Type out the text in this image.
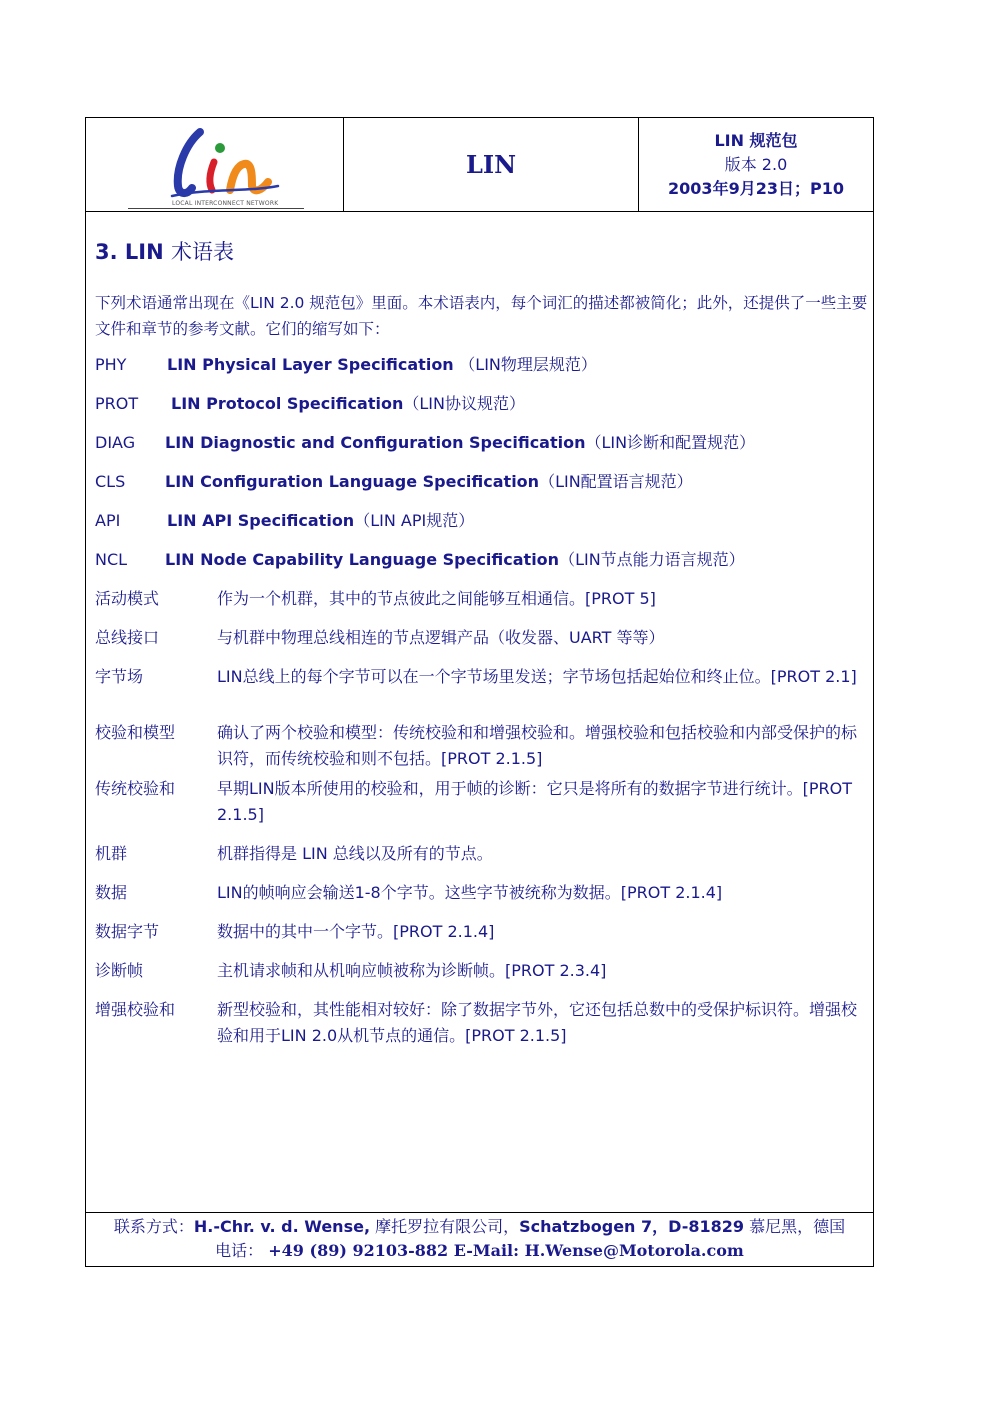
LOCAL INTERCONNECT NETWORK
LIN
LIN 规范包
版本 2.0
2003年9月23日；P10
3. LIN 术语表
下列术语通常出现在《LIN 2.0 规范包》里面。本术语表内，每个词汇的描述都被简化；此外，还提供了一些主要文件和章节的参考文献。它们的缩写如下：
PHY	LIN Physical Layer Specification （LIN物理层规范）
PROT LIN Protocol Specification（LIN协议规范）
DIAG LIN Diagnostic and Configuration Specification（LIN诊断和配置规范）
CLS LIN Configuration Language Specification（LIN配置语言规范）
API	LIN API Specification（LIN API规范）
NCL LIN Node Capability Language Specification（LIN节点能力语言规范）
活动模式	作为一个机群，其中的节点彼此之间能够互相通信。[PROT 5]
总线接口	与机群中物理总线相连的节点逻辑产品（收发器、UART 等等）
字节场	LIN总线上的每个字节可以在一个字节场里发送；字节场包括起始位和终止位。[PROT 2.1]
校验和模型	确认了两个校验和模型：传统校验和和增强校验和。增强校验和包括校验和内部受保护的标识符，而传统校验和则不包括。[PROT 2.1.5]
传统校验和	早期LIN版本所使用的校验和，用于帧的诊断：它只是将所有的数据字节进行统计。[PROT 2.1.5]
机群	机群指得是 LIN 总线以及所有的节点。
数据	LIN的帧响应会输送1-8个字节。这些字节被统称为数据。[PROT 2.1.4]
数据字节	数据中的其中一个字节。[PROT 2.1.4]
诊断帧	主机请求帧和从机响应帧被称为诊断帧。[PROT 2.3.4]
增强校验和	新型校验和，其性能相对较好：除了数据字节外，它还包括总数中的受保护标识符。增强校验和用于LIN 2.0从机节点的通信。[PROT 2.1.5]
联系方式：H.-Chr. v. d. Wense, 摩托罗拉有限公司，Schatzbogen 7，D-81829 慕尼黑，德国
电话： +49 (89) 92103-882 E-Mail: H.Wense@Motorola.com
